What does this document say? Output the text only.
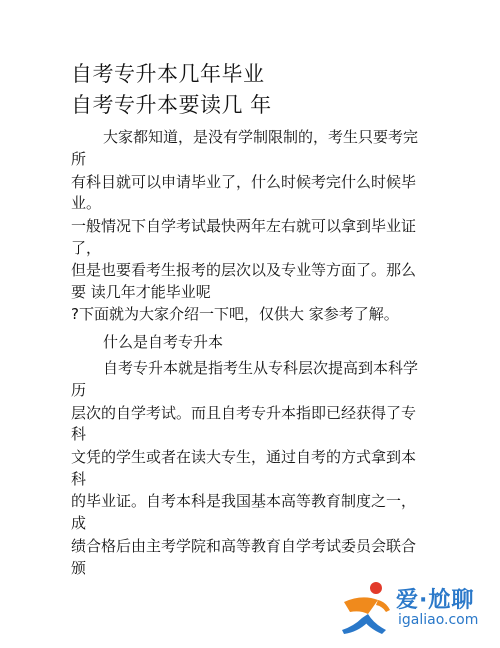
自考专升本几年毕业
自考专升本要读几 年

大家都知道，是没有学制限制的，考生只要考完

所

有科目就可以申请毕业了，什么时候考完什么时候毕

业。

一般情况下自学考试最快两年左右就可以拿到毕业证

了，

但是也要看考生报考的层次以及专业等方面了。那么

要 读几年才能毕业呢

?下面就为大家介绍一下吧，仅供大 家参考了解。

什么是自考专升本

自考专升本就是指考生从专科层次提高到本科学

历

层次的自学考试。而且自考专升本指即已经获得了专

科

文凭的学生或者在读大专生，通过自考的方式拿到本

科

的毕业证。自考本科是我国基本高等教育制度之一，

成

绩合格后由主考学院和高等教育自学考试委员会联合

颁

爱·尬聊
igaliao.com
